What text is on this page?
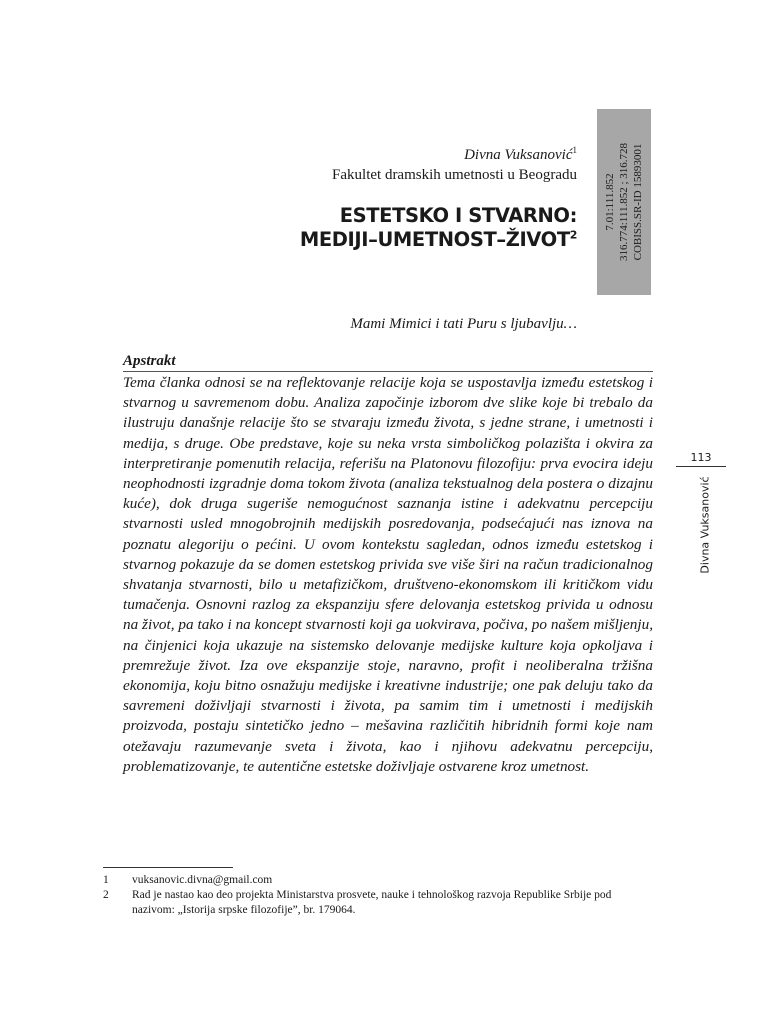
Divna Vuksanović$^1$
Fakultet dramskih umetnosti u Beogradu
ESTETSKO I STVARNO:
MEDIJI–UMETNOST–ŽIVOT$^2$
7.01:111.852 316.774:111.852 ; 316.728 COBISS.SR-ID 15893001
Mami Mimici i tati Puru s ljubavlju…
Apstrakt

Tema članka odnosi se na reflektovanje relacije koja se uspostavlja između estetskog i stvarnog u savremenom dobu. Analiza započinje izborom dve slike koje bi trebalo da ilustruju današnje relacije što se stvaraju između života, s jedne strane, i umetnosti i medija, s druge. Obe predstave, koje su neka vrsta simboličkog polazišta i okvira za interpretiranje pomenutih relacija, referišu na Platonovu filozofiju: prva evocira ideju neophodnosti izgradnje doma tokom života (analiza tekstualnog dela postera o dizajnu kuće), dok druga sugeriše nemogućnost saznanja istine i adekvatnu percepciju stvarnosti usled mnogobrojnih medijskih posredovanja, podsećajući nas iznova na poznatu alegoriju o pećini. U ovom kontekstu sagledan, odnos između estetskog i stvarnog pokazuje da se domen estetskog privida sve više širi na račun tradicionalnog shvatanja stvarnosti, bilo u metafizičkom, društveno-ekonomskom ili kritičkom vidu tumačenja. Osnovni razlog za ekspanziju sfere delovanja estetskog privida u odnosu na život, pa tako i na koncept stvarnosti koji ga uokvirava, počiva, po našem mišljenju, na činjenici koja ukazuje na sistemsko delovanje medijske kulture koja opkoljava i premrežuje život. Iza ove ekspanzije stoje, naravno, profit i neoliberalna tržišna ekonomija, koju bitno osnažuju medijske i kreativne industrije; one pak deluju tako da savremeni doživljaji stvarnosti i života, pa samim tim i umetnosti i medijskih proizvoda, postaju sintetičko jedno – mešavina različitih hibridnih formi koje nam otežavaju razumevanje sveta i života, kao i njihovu adekvatnu percepciju, problematizovanje, te autentične estetske doživljaje ostvarene kroz umetnost.

113
Divna Vuksanović
1 vuksanovic.divna@gmail.com
2 Rad je nastao kao deo projekta Ministarstva prosvete, nauke i tehnološkog razvoja Republike Srbije pod nazivom: „Istorija srpske filozofije”, br. 179064.
